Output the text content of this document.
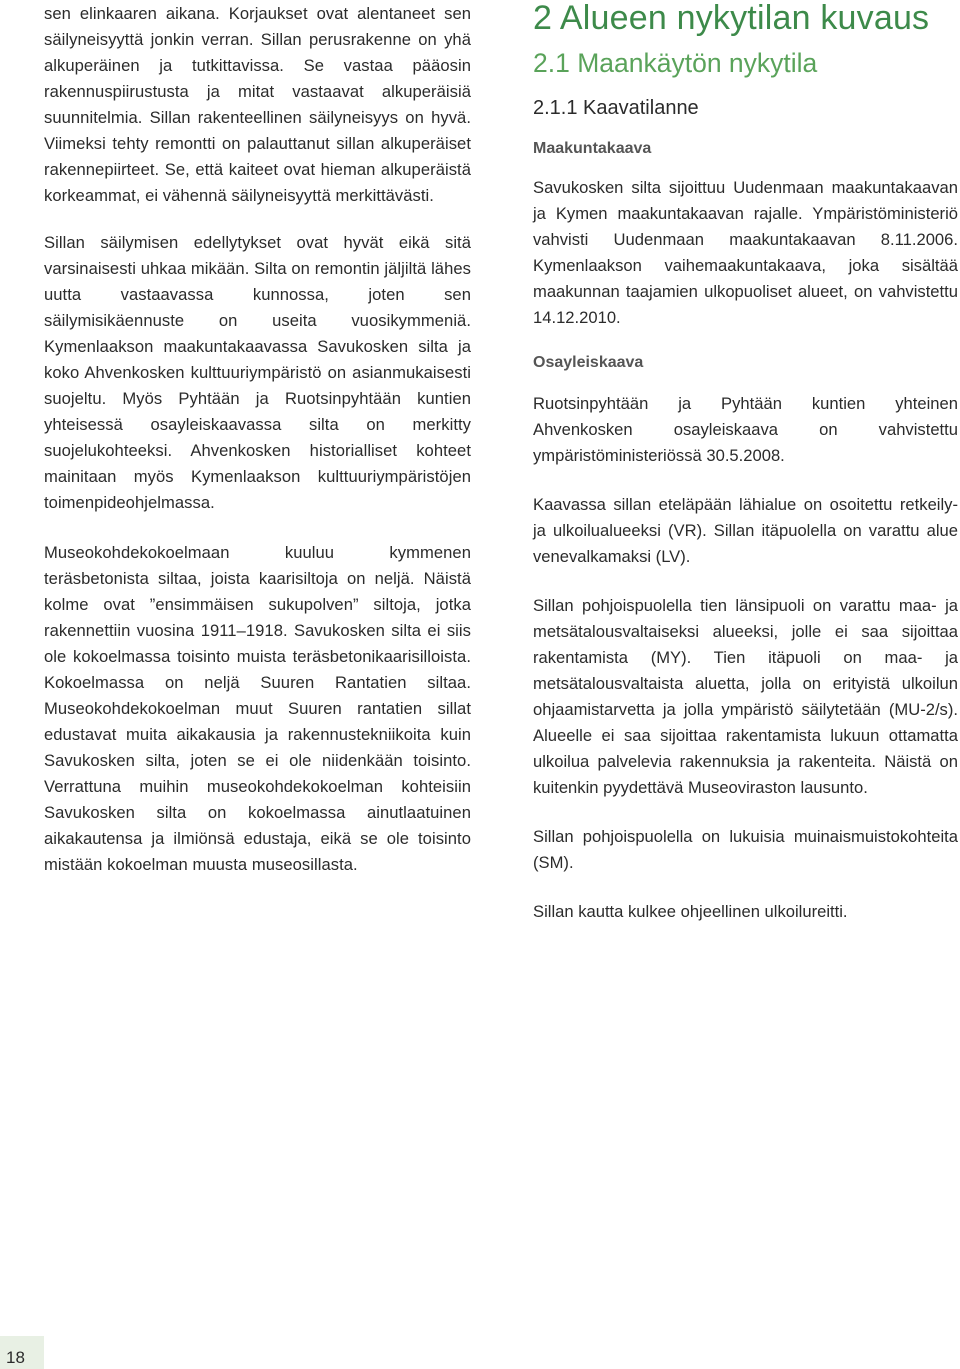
sen elinkaaren aikana. Korjaukset ovat alentaneet sen säilyneisyyttä jonkin verran. Sillan perusrakenne on yhä alkuperäinen ja tutkittavissa. Se vastaa pääosin rakennuspiirustusta ja mitat vastaavat alkuperäisiä suunnitelmia. Sillan rakenteellinen säilyneisyys on hyvä. Viimeksi tehty remontti on palauttanut sillan alkuperäiset rakennepiirteet. Se, että kaiteet ovat hieman alkuperäistä korkeammat, ei vähennä säilyneisyyttä merkittävästi.

Sillan säilymisen edellytykset ovat hyvät eikä sitä varsinaisesti uhkaa mikään. Silta on remontin jäljiltä lähes uutta vastaavassa kunnossa, joten sen säilymisikäennuste on useita vuosikymmeniä. Kymenlaakson maakuntakaavassa Savukosken silta ja koko Ahvenkosken kulttuuriympäristö on asianmukaisesti suojeltu. Myös Pyhtään ja Ruotsinpyhtään kuntien yhteisessä osayleiskaavassa silta on merkitty suojelukohteeksi. Ahvenkosken historialliset kohteet mainitaan myös Kymenlaakson kulttuuriympäristöjen toimenpideohjelmassa.

Museokohdekokoelmaan kuuluu kymmenen teräsbetonista siltaa, joista kaarisiltoja on neljä. Näistä kolme ovat ”ensimmäisen sukupolven” siltoja, jotka rakennettiin vuosina 1911–1918. Savukosken silta ei siis ole kokoelmassa toisinto muista teräsbetonikaarisilloista. Kokoelmassa on neljä Suuren Rantatien siltaa. Museokohdekokoelman muut Suuren rantatien sillat edustavat muita aikakausia ja rakennustekniikoita kuin Savukosken silta, joten se ei ole niidenkään toisinto. Verrattuna muihin museokohdekokoelman kohteisiin Savukosken silta on kokoelmassa ainutlaatuinen aikakautensa ja ilmiönsä edustaja, eikä se ole toisinto mistään kokoelman muusta museosillasta.

2 Alueen nykytilan kuvaus
2.1 Maankäytön nykytila
2.1.1 Kaavatilanne
Maakuntakaava

Savukosken silta sijoittuu Uudenmaan maakuntakaavan ja Kymen maakuntakaavan rajalle. Ympäristöministeriö vahvisti Uudenmaan maakuntakaavan 8.11.2006. Kymenlaakson vaihemaakuntakaava, joka sisältää maakunnan taajamien ulkopuoliset alueet, on vahvistettu 14.12.2010.

Osayleiskaava

Ruotsinpyhtään ja Pyhtään kuntien yhteinen Ahvenkosken osayleiskaava on vahvistettu ympäristöministeriössä 30.5.2008.

Kaavassa sillan eteläpään lähialue on osoitettu retkeily- ja ulkoilualueeksi (VR). Sillan itäpuolella on varattu alue venevalkamaksi (LV).

Sillan pohjoispuolella tien länsipuoli on varattu maa- ja metsätalousvaltaiseksi alueeksi, jolle ei saa sijoittaa rakentamista (MY). Tien itäpuoli on maa- ja metsätalousvaltaista aluetta, jolla on erityistä ulkoilun ohjaamistarvetta ja jolla ympäristö säilytetään (MU-2/s). Alueelle ei saa sijoittaa rakentamista lukuun ottamatta ulkoilua palvelevia rakennuksia ja rakenteita. Näistä on kuitenkin pyydettävä Museoviraston lausunto.

Sillan pohjoispuolella on lukuisia muinaismuistokohteita (SM).

Sillan kautta kulkee ohjeellinen ulkoilureitti.

18
